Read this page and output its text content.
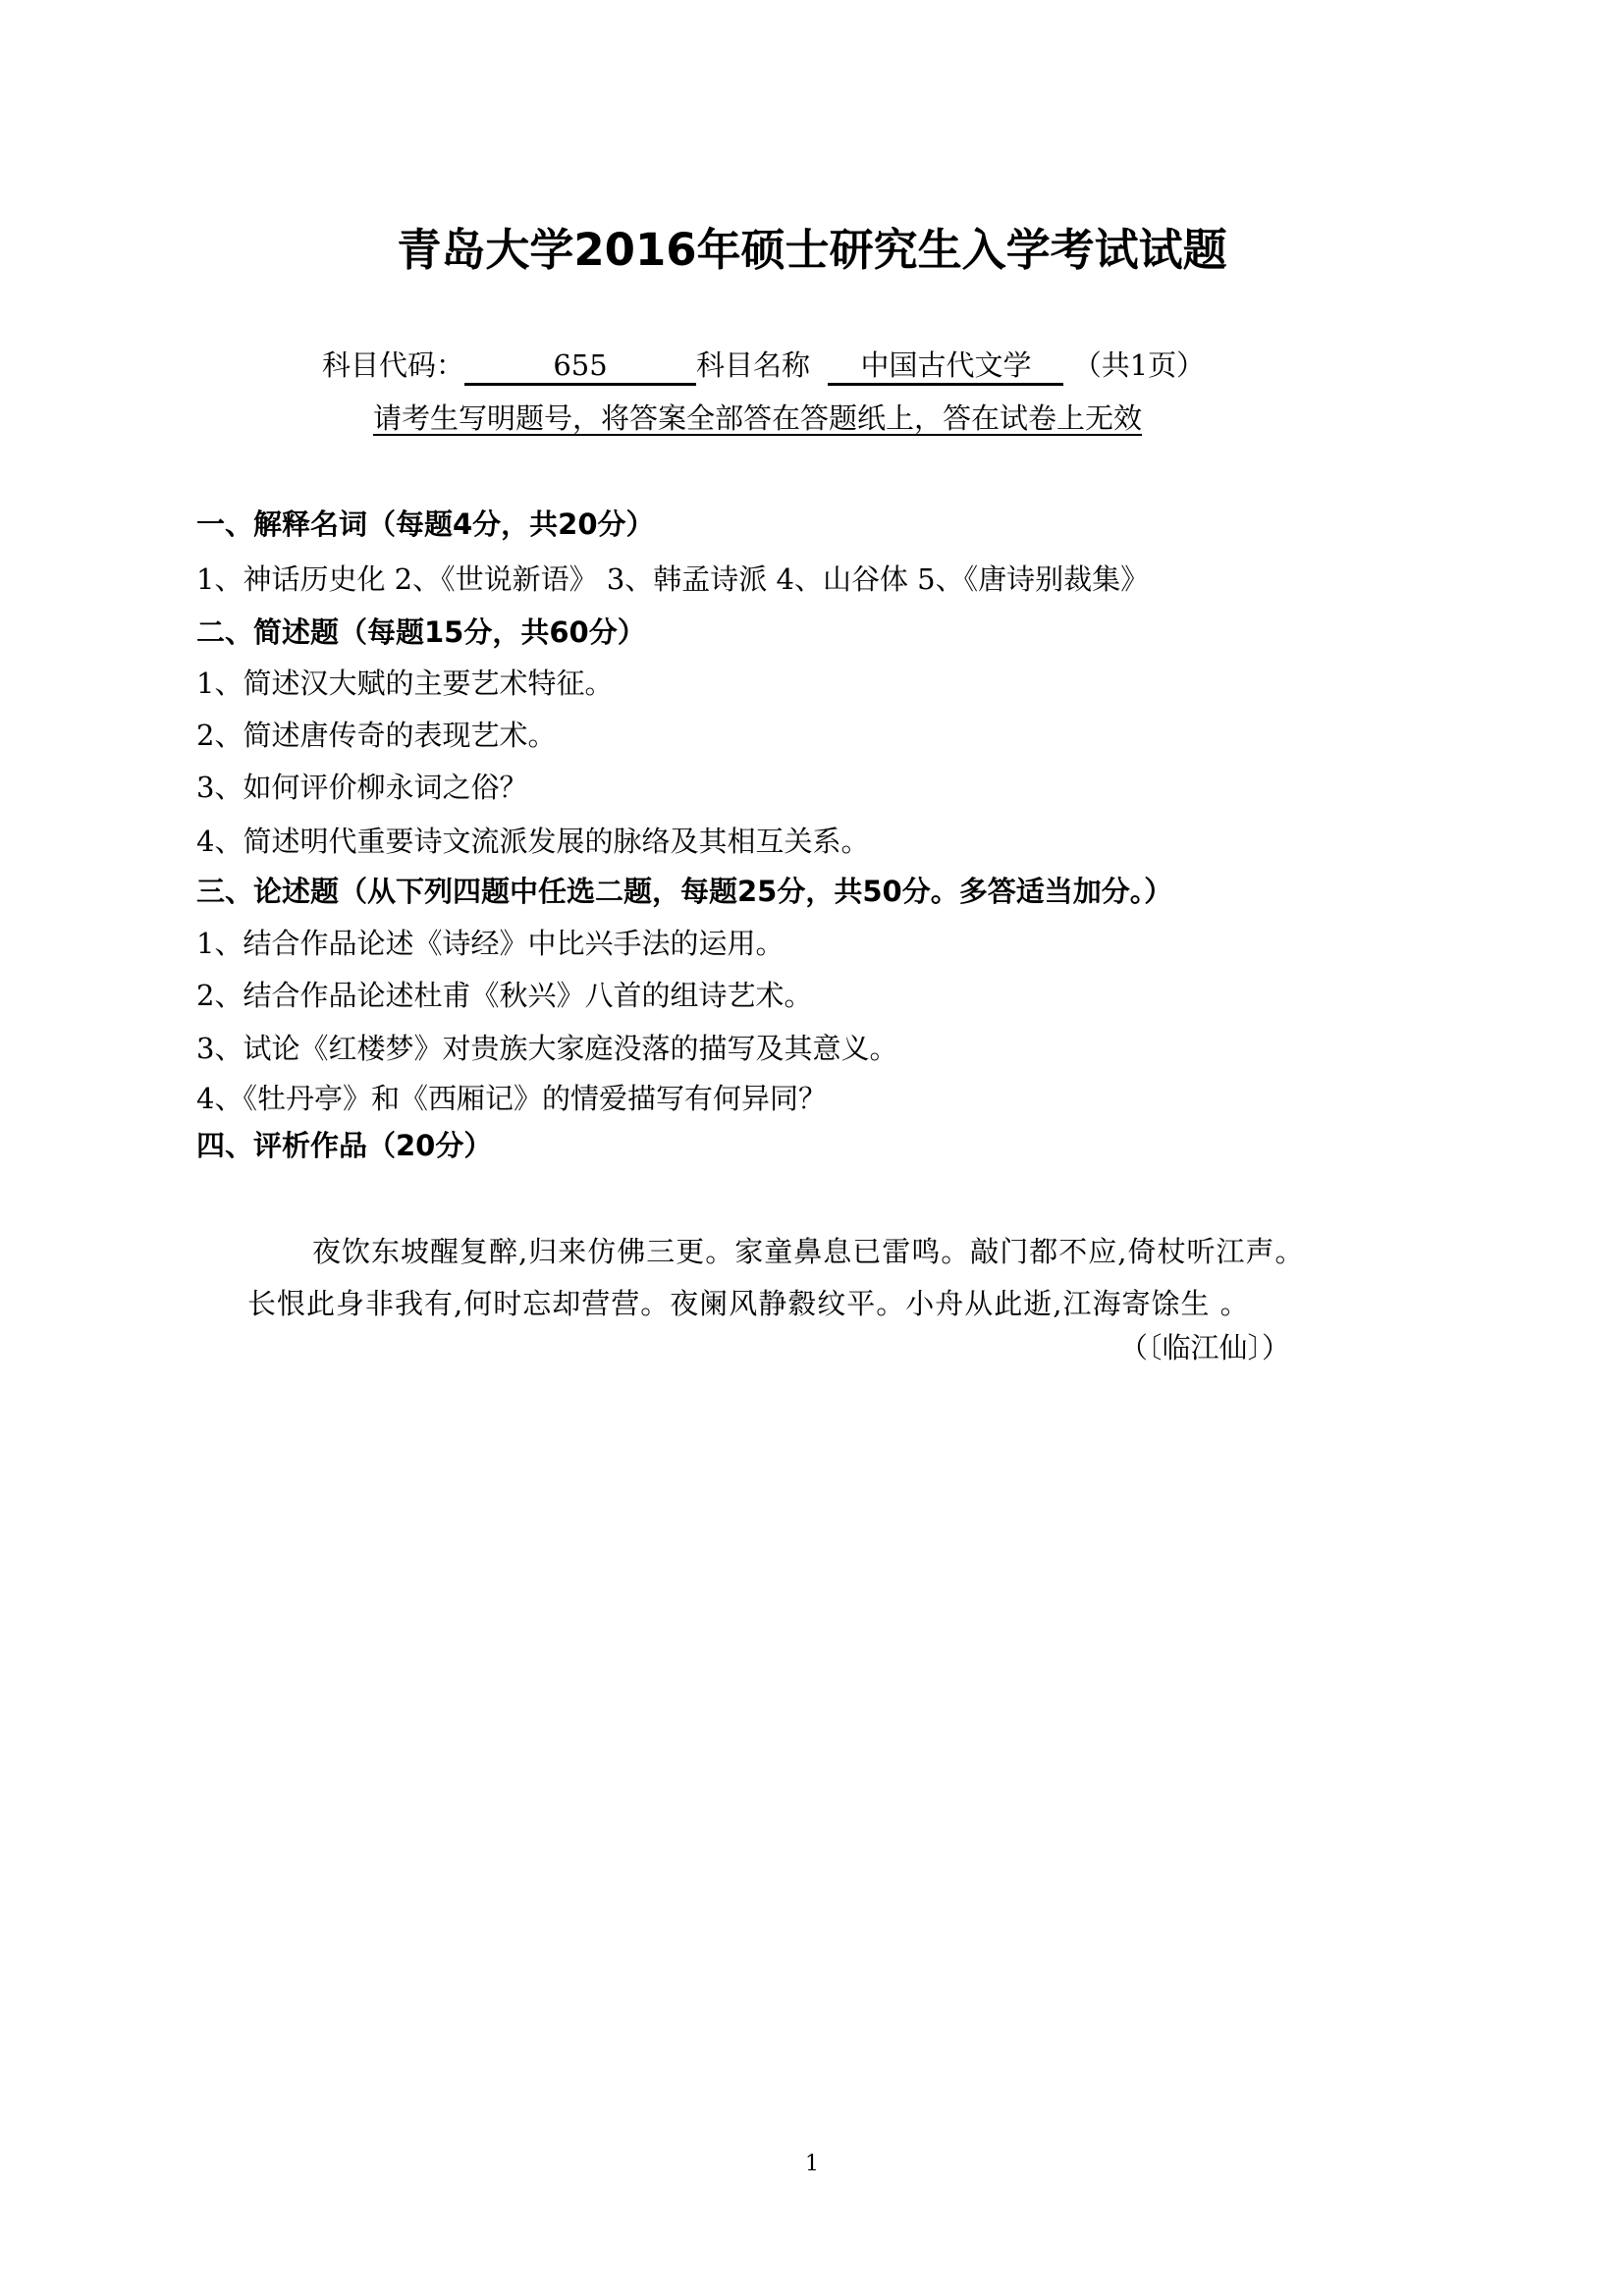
青岛大学2016年硕士研究生入学考试试题
科目代码：	655	科目名称 中国古代文学 （共1页）
请考生写明题号，将答案全部答在答题纸上，答在试卷上无效
一、解释名词（每题4分，共20分）
1、神话历史化 2、《世说新语》 3、韩孟诗派 4、山谷体 5、《唐诗别裁集》
二、简述题（每题15分，共60分）
1、简述汉大赋的主要艺术特征。
2、简述唐传奇的表现艺术。
3、如何评价柳永词之俗？
4、简述明代重要诗文流派发展的脉络及其相互关系。
三、论述题（从下列四题中任选二题，每题25分，共50分。多答适当加分。）
1、结合作品论述《诗经》中比兴手法的运用。
2、结合作品论述杜甫《秋兴》八首的组诗艺术。
3、试论《红楼梦》对贵族大家庭没落的描写及其意义。
4、《牡丹亭》和《西厢记》的情爱描写有何异同？
四、评析作品（20分）
夜饮东坡醒复醉,归来仿佛三更。家童鼻息已雷鸣。敲门都不应,倚杖听江声。
长恨此身非我有,何时忘却营营。夜阑风静縠纹平。小舟从此逝,江海寄馀生 。
（〔临江仙〕）
1
